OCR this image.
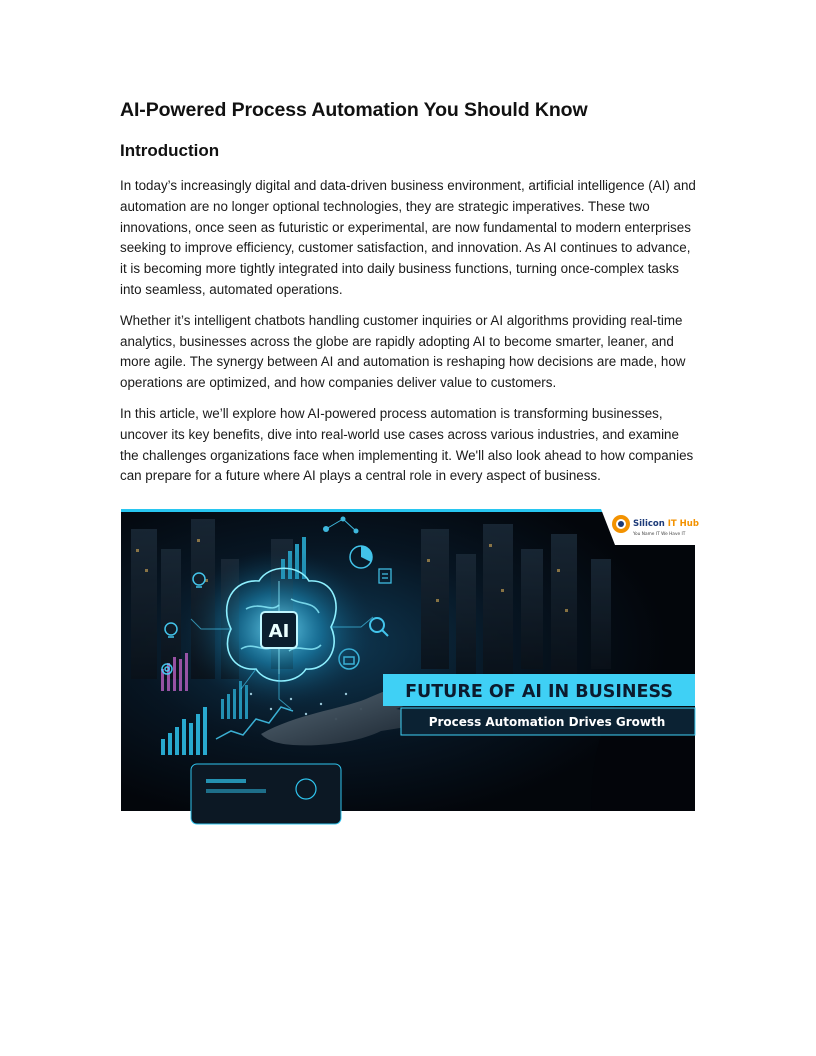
AI-Powered Process Automation You Should Know
Introduction

In today’s increasingly digital and data-driven business environment, artificial intelligence (AI) and automation are no longer optional technologies, they are strategic imperatives. These two innovations, once seen as futuristic or experimental, are now fundamental to modern enterprises seeking to improve efficiency, customer satisfaction, and innovation. As AI continues to advance, it is becoming more tightly integrated into daily business functions, turning once-complex tasks into seamless, automated operations.

Whether it’s intelligent chatbots handling customer inquiries or AI algorithms providing real-time analytics, businesses across the globe are rapidly adopting AI to become smarter, leaner, and more agile. The synergy between AI and automation is reshaping how decisions are made, how operations are optimized, and how companies deliver value to customers.

In this article, we’ll explore how AI-powered process automation is transforming businesses, uncover its key benefits, dive into real-world use cases across various industries, and examine the challenges organizations face when implementing it. We'll also look ahead to how companies can prepare for a future where AI plays a central role in every aspect of business.

AI
Silicon IT Hub
You Name IT We Have IT
FUTURE OF AI IN BUSINESS
Process Automation Drives Growth
